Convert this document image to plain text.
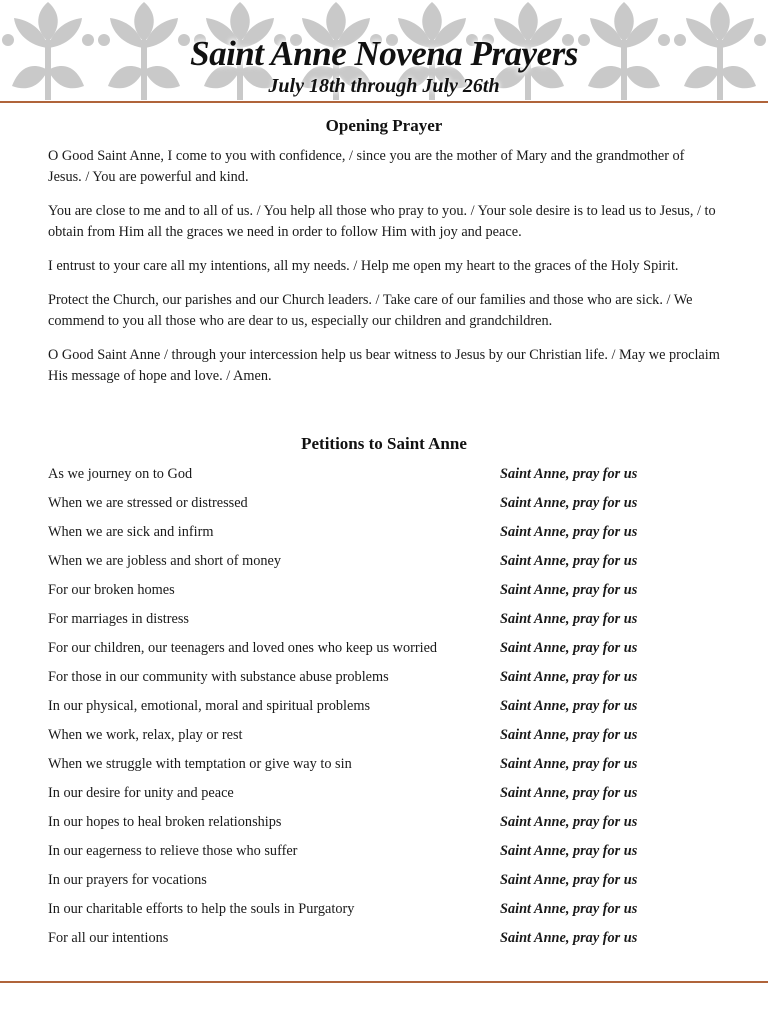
Saint Anne Novena Prayers
July 18th through July 26th
Opening Prayer

O Good Saint Anne, I come to you with confidence, / since you are the mother of Mary and the grandmother of Jesus. / You are powerful and kind.

You are close to me and to all of us. / You help all those who pray to you. / Your sole desire is to lead us to Jesus, / to obtain from Him all the graces we need in order to follow Him with joy and peace.

I entrust to your care all my intentions, all my needs. / Help me open my heart to the graces of the Holy Spirit.

Protect the Church, our parishes and our Church leaders. / Take care of our families and those who are sick. / We commend to you all those who are dear to us, especially our children and grandchildren.

O Good Saint Anne / through your intercession help us bear witness to Jesus by our Christian life. / May we proclaim His message of hope and love. / Amen.

Petitions to Saint Anne
As we journey on to God	Saint Anne, pray for us
When we are stressed or distressed	Saint Anne, pray for us
When we are sick and infirm	Saint Anne, pray for us
When we are jobless and short of money	Saint Anne, pray for us
For our broken homes	Saint Anne, pray for us
For marriages in distress	Saint Anne, pray for us
For our children, our teenagers and loved ones who keep us worried	Saint Anne, pray for us
For those in our community with substance abuse problems	Saint Anne, pray for us
In our physical, emotional, moral and spiritual problems	Saint Anne, pray for us
When we work, relax, play or rest	Saint Anne, pray for us
When we struggle with temptation or give way to sin	Saint Anne, pray for us
In our desire for unity and peace	Saint Anne, pray for us
In our hopes to heal broken relationships	Saint Anne, pray for us
In our eagerness to relieve those who suffer	Saint Anne, pray for us
In our prayers for vocations	Saint Anne, pray for us
In our charitable efforts to help the souls in Purgatory	Saint Anne, pray for us
For all our intentions	Saint Anne, pray for us
